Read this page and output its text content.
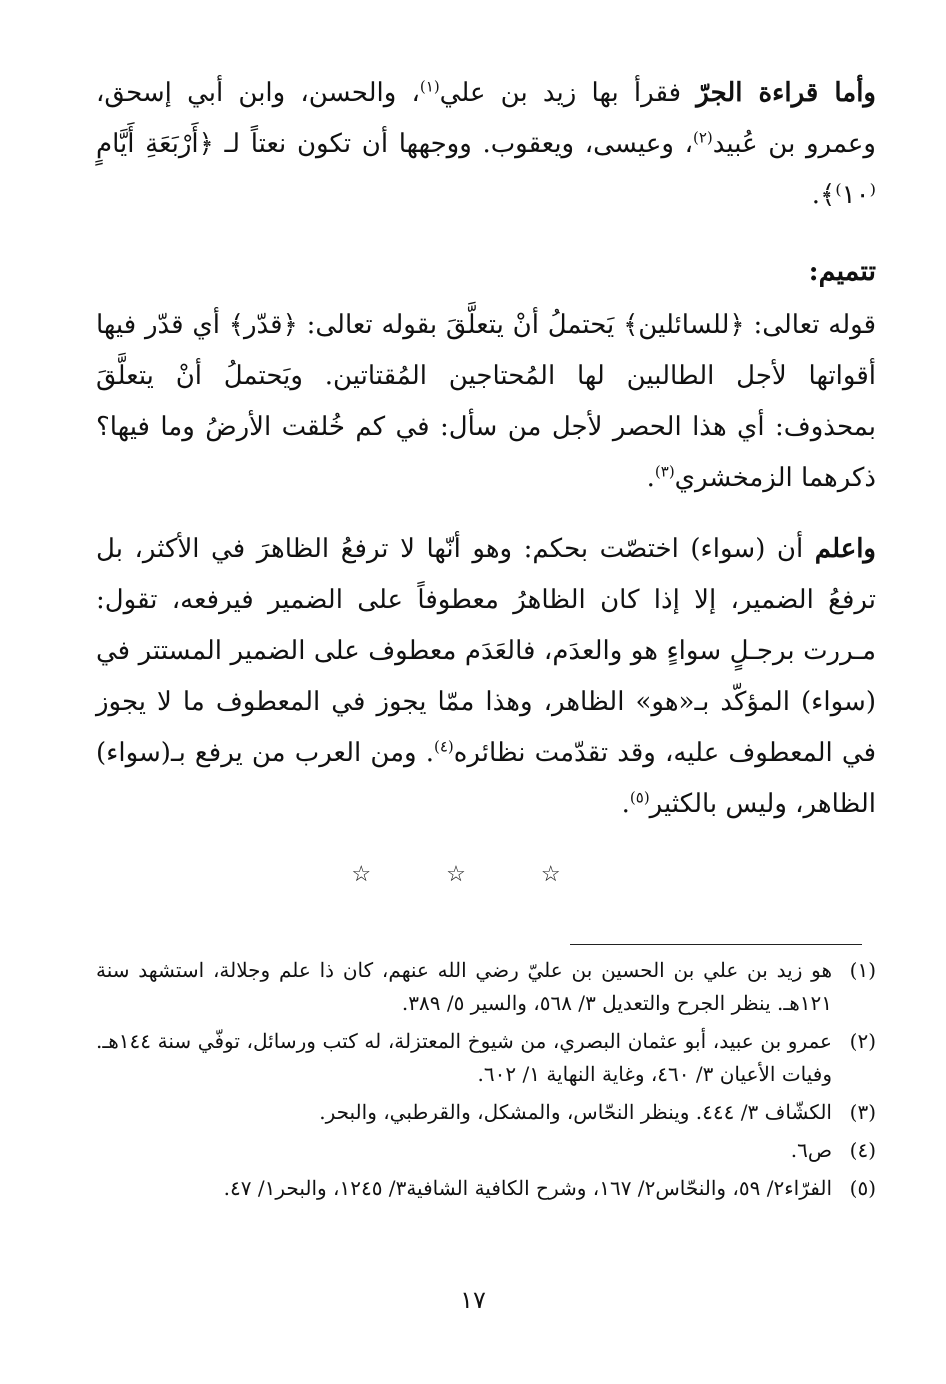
وأما قراءة الجرّ فقرأ بها زيد بن علي$^{(١)}$، والحسن، وابن أبي إسحق، وعمرو بن عُبيد$^{(٢)}$، وعيسى، ويعقوب. ووجهها أن تكون نعتاً لـ ﴿أَرْبَعَةِ أَيَّامٍ ⁽١٠⁾﴾.
تتميم:
قوله تعالى: ﴿للسائلين﴾ يَحتملُ أنْ يتعلَّقَ بقوله تعالى: ﴿قدّر﴾ أي قدّر فيها أقواتها لأجل الطالبين لها المُحتاجين المُقتاتين. ويَحتملُ أنْ يتعلَّقَ بمحذوف: أي هذا الحصر لأجل من سأل: في كم خُلقت الأرضُ وما فيها؟ ذكرهما الزمخشري$^{(٣)}$.
واعلم أن (سواء) اختصّت بحكم: وهو أنّها لا ترفعُ الظاهرَ في الأكثر، بل ترفعُ الضمير، إلا إذا كان الظاهرُ معطوفاً على الضمير فيرفعه، تقول: مـررت برجـلٍ سواءٍ هو والعدَم، فالعَدَم معطوف على الضمير المستتر في (سواء) المؤكّد بـ«هو» الظاهر، وهذا ممّا يجوز في المعطوف ما لا يجوز في المعطوف عليه، وقد تقدّمت نظائره$^{(٤)}$. ومن العرب من يرفع بـ(سواء) الظاهر، وليس بالكثير$^{(٥)}$.
☆ ☆ ☆
(١)
هو زيد بن علي بن الحسين بن عليّ رضي الله عنهم، كان ذا علم وجلالة، استشهد سنة ١٢١هـ. ينظر الجرح والتعديل ٣/ ٥٦٨، والسير ٥/ ٣٨٩.
(٢)
عمرو بن عبيد، أبو عثمان البصري، من شيوخ المعتزلة، له كتب ورسائل، توفّي سنة ١٤٤هـ. وفيات الأعيان ٣/ ٤٦٠، وغاية النهاية ١/ ٦٠٢.
(٣)
الكشّاف ٣/ ٤٤٤. وينظر النحّاس، والمشكل، والقرطبي، والبحر.
(٤)
ص٦.
(٥)
الفرّاء٢/ ٥٩، والنحّاس٢/ ١٦٧، وشرح الكافية الشافية٣/ ١٢٤٥، والبحر١/ ٤٧.
١٧
